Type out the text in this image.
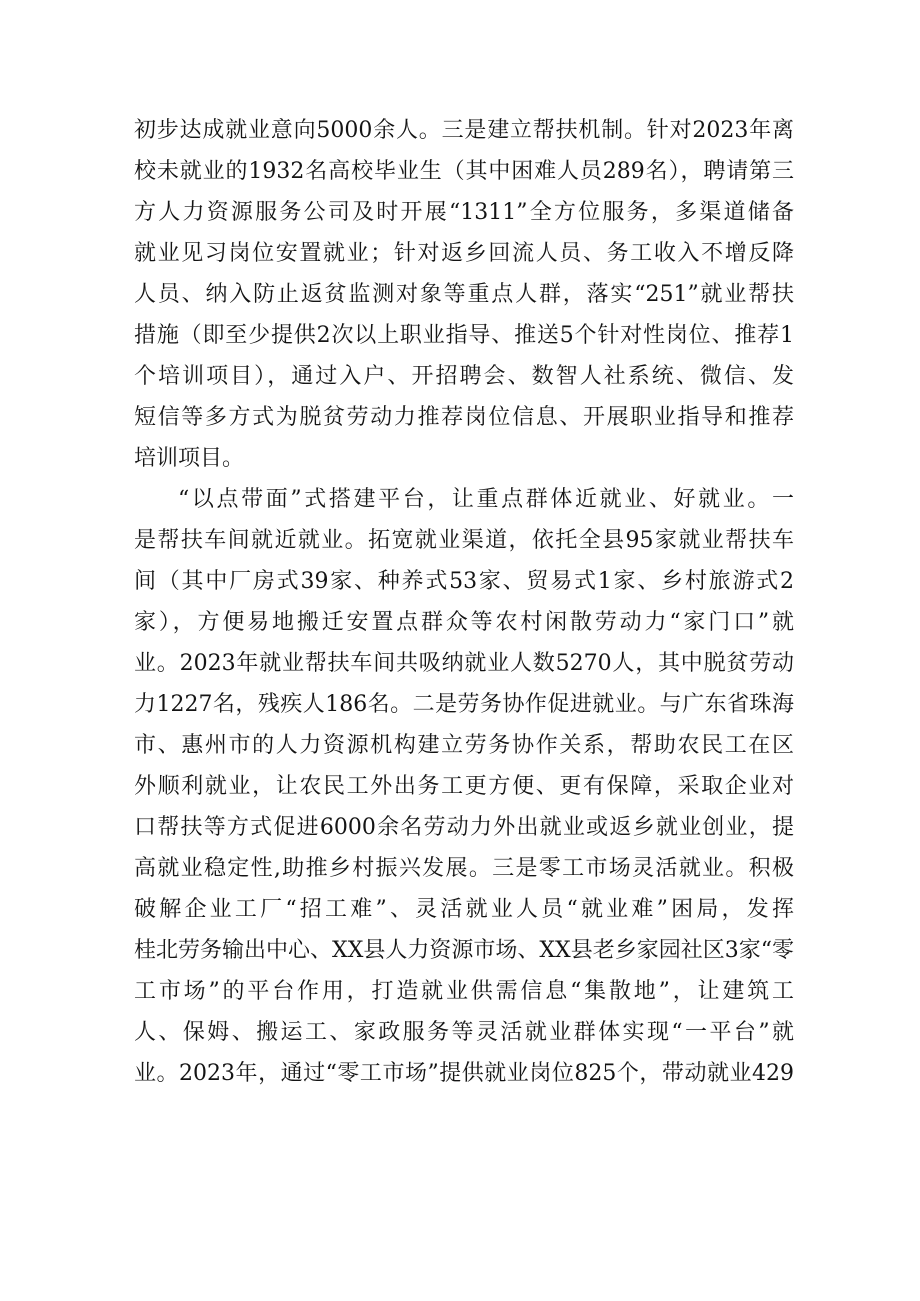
初步达成就业意向5000余人。三是建立帮扶机制。针对2023年离
校未就业的1932名高校毕业生（其中困难人员289名），聘请第三
方人力资源服务公司及时开展“1311”全方位服务，多渠道储备
就业见习岗位安置就业；针对返乡回流人员、务工收入不增反降
人员、纳入防止返贫监测对象等重点人群，落实“251”就业帮扶
措施（即至少提供2次以上职业指导、推送5个针对性岗位、推荐1
个培训项目），通过入户、开招聘会、数智人社系统、微信、发
短信等多方式为脱贫劳动力推荐岗位信息、开展职业指导和推荐
培训项目。
“以点带面”式搭建平台，让重点群体近就业、好就业。一
是帮扶车间就近就业。拓宽就业渠道，依托全县95家就业帮扶车
间（其中厂房式39家、种养式53家、贸易式1家、乡村旅游式2
家），方便易地搬迁安置点群众等农村闲散劳动力“家门口”就
业。2023年就业帮扶车间共吸纳就业人数5270人，其中脱贫劳动
力1227名，残疾人186名。二是劳务协作促进就业。与广东省珠海
市、惠州市的人力资源机构建立劳务协作关系，帮助农民工在区
外顺利就业，让农民工外出务工更方便、更有保障，采取企业对
口帮扶等方式促进6000余名劳动力外出就业或返乡就业创业，提
高就业稳定性,助推乡村振兴发展。三是零工市场灵活就业。积极
破解企业工厂“招工难”、灵活就业人员“就业难”困局，发挥
桂北劳务输出中心、XX县人力资源市场、XX县老乡家园社区3家“零
工市场”的平台作用，打造就业供需信息“集散地”，让建筑工
人、保姆、搬运工、家政服务等灵活就业群体实现“一平台”就
业。2023年，通过“零工市场”提供就业岗位825个，带动就业429
